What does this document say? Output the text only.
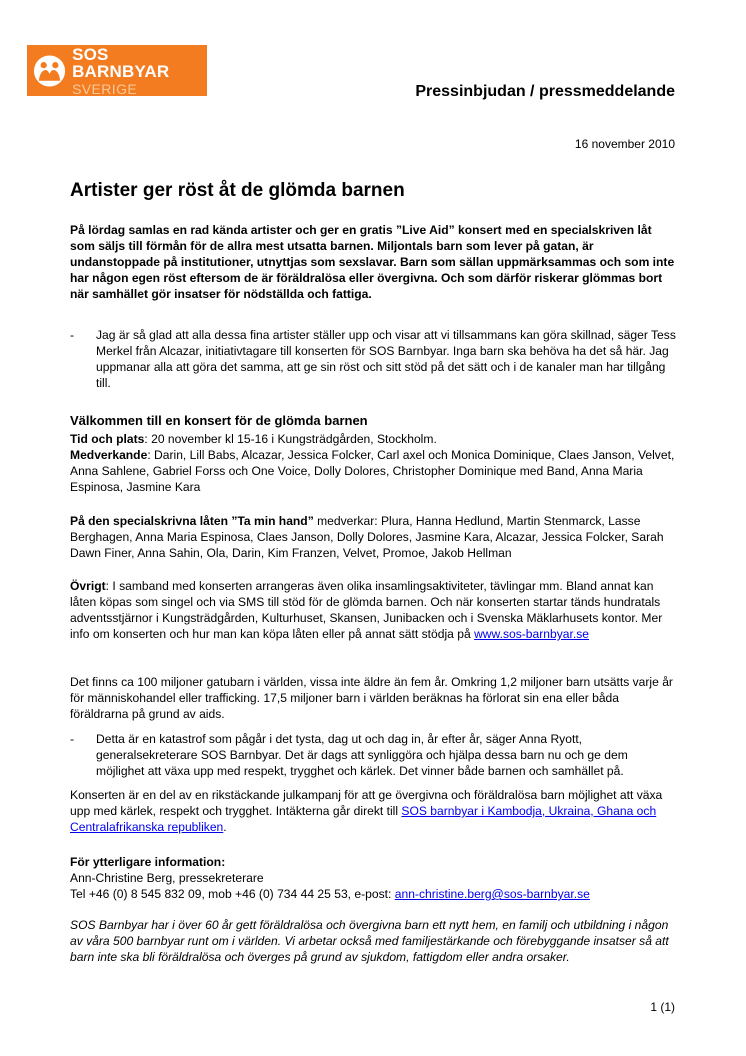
SOS BARNBYAR
SVERIGE	Pressinbjudan / pressmeddelande
16 november 2010
Artister ger röst åt de glömda barnen
På lördag samlas en rad kända artister och ger en gratis ”Live Aid” konsert med en specialskriven låt som säljs till förmån för de allra mest utsatta barnen. Miljontals barn som lever på gatan, är undanstoppade på institutioner, utnyttjas som sexslavar. Barn som sällan uppmärksammas och som inte har någon egen röst eftersom de är föräldralösa eller övergivna. Och som därför riskerar glömmas bort när samhället gör insatser för nödställda och fattiga.
-	Jag är så glad att alla dessa fina artister ställer upp och visar att vi tillsammans kan göra skillnad, säger Tess Merkel från Alcazar, initiativtagare till konserten för SOS Barnbyar. Inga barn ska behöva ha det så här. Jag uppmanar alla att göra det samma, att ge sin röst och sitt stöd på det sätt och i de kanaler man har tillgång till.
Välkommen till en konsert för de glömda barnen

Tid och plats: 20 november kl 15-16 i Kungsträdgården, Stockholm.

Medverkande: Darin, Lill Babs, Alcazar, Jessica Folcker, Carl axel och Monica Dominique, Claes Janson, Velvet, Anna Sahlene, Gabriel Forss och One Voice, Dolly Dolores, Christopher Dominique med Band, Anna Maria Espinosa, Jasmine Kara

På den specialskrivna låten ”Ta min hand” medverkar: Plura, Hanna Hedlund, Martin Stenmarck, Lasse Berghagen, Anna Maria Espinosa, Claes Janson, Dolly Dolores, Jasmine Kara, Alcazar, Jessica Folcker, Sarah Dawn Finer, Anna Sahin, Ola, Darin, Kim Franzen, Velvet, Promoe, Jakob Hellman
Övrigt: I samband med konserten arrangeras även olika insamlingsaktiviteter, tävlingar mm. Bland annat kan låten köpas som singel och via SMS till stöd för de glömda barnen. Och när konserten startar tänds hundratals adventsstjärnor i Kungsträdgården, Kulturhuset, Skansen, Junibacken och i Svenska Mäklarhusets kontor. Mer info om konserten och hur man kan köpa låten eller på annat sätt stödja på www.sos-barnbyar.se
Det finns ca 100 miljoner gatubarn i världen, vissa inte äldre än fem år. Omkring 1,2 miljoner barn utsätts varje år för människohandel eller trafficking. 17,5 miljoner barn i världen beräknas ha förlorat sin ena eller båda föräldrarna på grund av aids.
-	Detta är en katastrof som pågår i det tysta, dag ut och dag in, år efter år, säger Anna Ryott, generalsekreterare SOS Barnbyar. Det är dags att synliggöra och hjälpa dessa barn nu och ge dem möjlighet att växa upp med respekt, trygghet och kärlek. Det vinner både barnen och samhället på.
Konserten är en del av en rikstäckande julkampanj för att ge övergivna och föräldralösa barn möjlighet att växa upp med kärlek, respekt och trygghet. Intäkterna går direkt till SOS barnbyar i Kambodja, Ukraina, Ghana och Centralafrikanska republiken.
För ytterligare information:

Ann-Christine Berg, pressekreterare

Tel +46 (0) 8 545 832 09, mob +46 (0) 734 44 25 53, e-post: ann-christine.berg@sos-barnbyar.se

SOS Barnbyar har i över 60 år gett föräldralösa och övergivna barn ett nytt hem, en familj och utbildning i någon av våra 500 barnbyar runt om i världen. Vi arbetar också med familjestärkande och förebyggande insatser så att barn inte ska bli föräldralösa och överges på grund av sjukdom, fattigdom eller andra orsaker.
1 (1)
